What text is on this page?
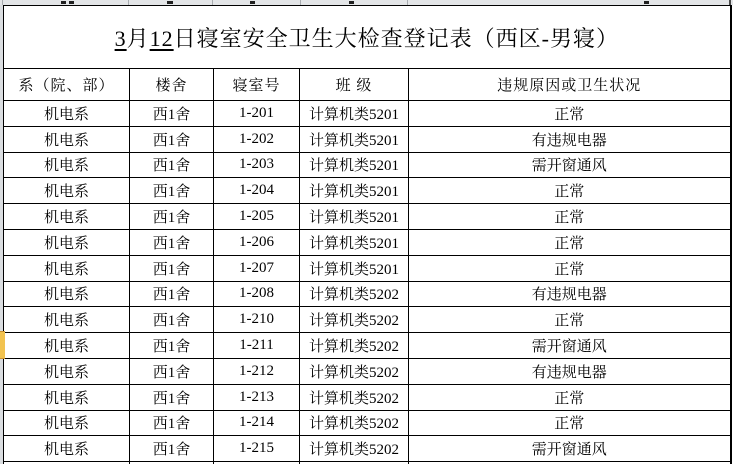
3月12日寝室安全卫生大检查登记表（西区-男寝）				
系（院、部）	楼舍	寝室号	班 级	违规原因或卫生状况
机电系	西1舍	1-201	计算机类5201	正常
机电系	西1舍	1-202	计算机类5201	有违规电器
机电系	西1舍	1-203	计算机类5201	需开窗通风
机电系	西1舍	1-204	计算机类5201	正常
机电系	西1舍	1-205	计算机类5201	正常
机电系	西1舍	1-206	计算机类5201	正常
机电系	西1舍	1-207	计算机类5201	正常
机电系	西1舍	1-208	计算机类5202	有违规电器
机电系	西1舍	1-210	计算机类5202	正常
机电系	西1舍	1-211	计算机类5202	需开窗通风
机电系	西1舍	1-212	计算机类5202	有违规电器
机电系	西1舍	1-213	计算机类5202	正常
机电系	西1舍	1-214	计算机类5202	正常
机电系	西1舍	1-215	计算机类5202	需开窗通风
